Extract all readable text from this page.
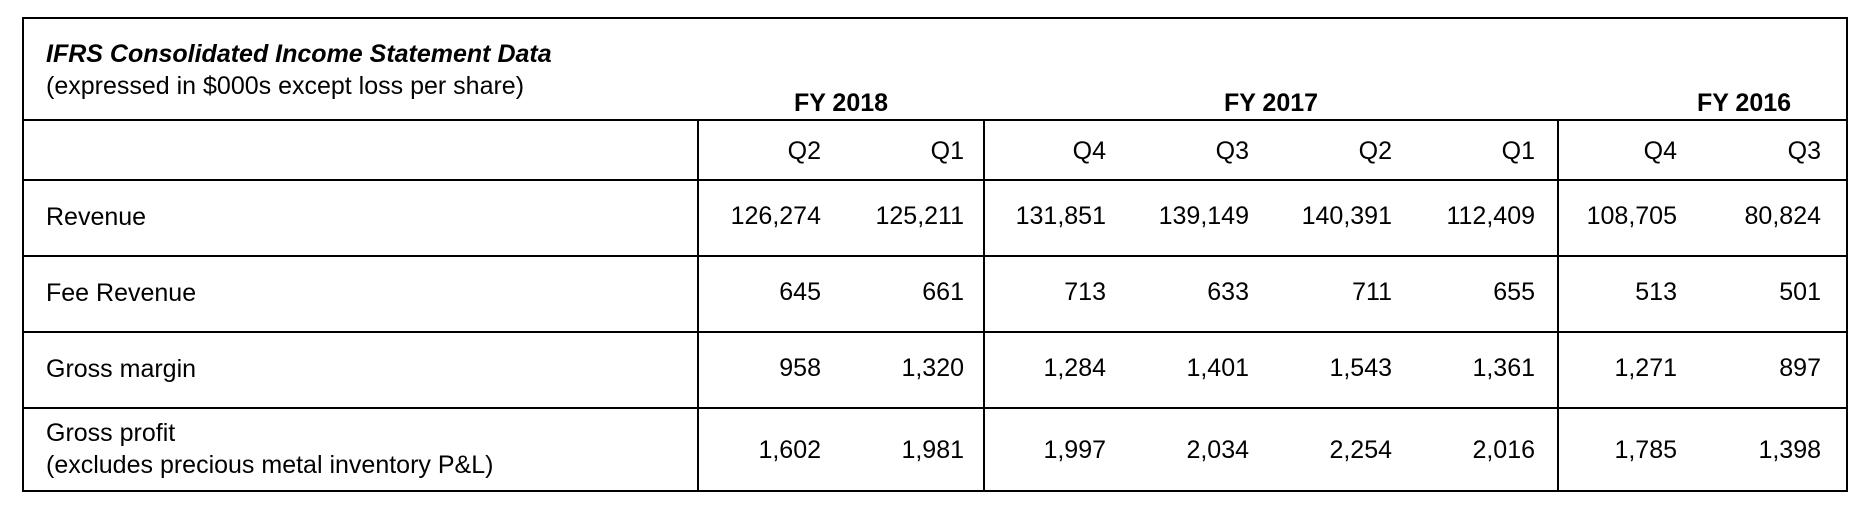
IFRS Consolidated Income Statement Data
(expressed in $000s except loss per share)
FY 2018	FY 2017	FY 2016
Q2	Q1	Q4	Q3	Q2	Q1	Q4	Q3
Revenue	126,274	125,211	131,851	139,149	140,391	112,409	108,705	80,824
Fee Revenue	645	661	713	633	711	655	513	501
Gross margin	958	1,320	1,284	1,401	1,543	1,361	1,271	897
Gross profit
(excludes precious metal inventory P&L)
1,602	1,981	1,997	2,034	2,254	2,016	1,785	1,398
